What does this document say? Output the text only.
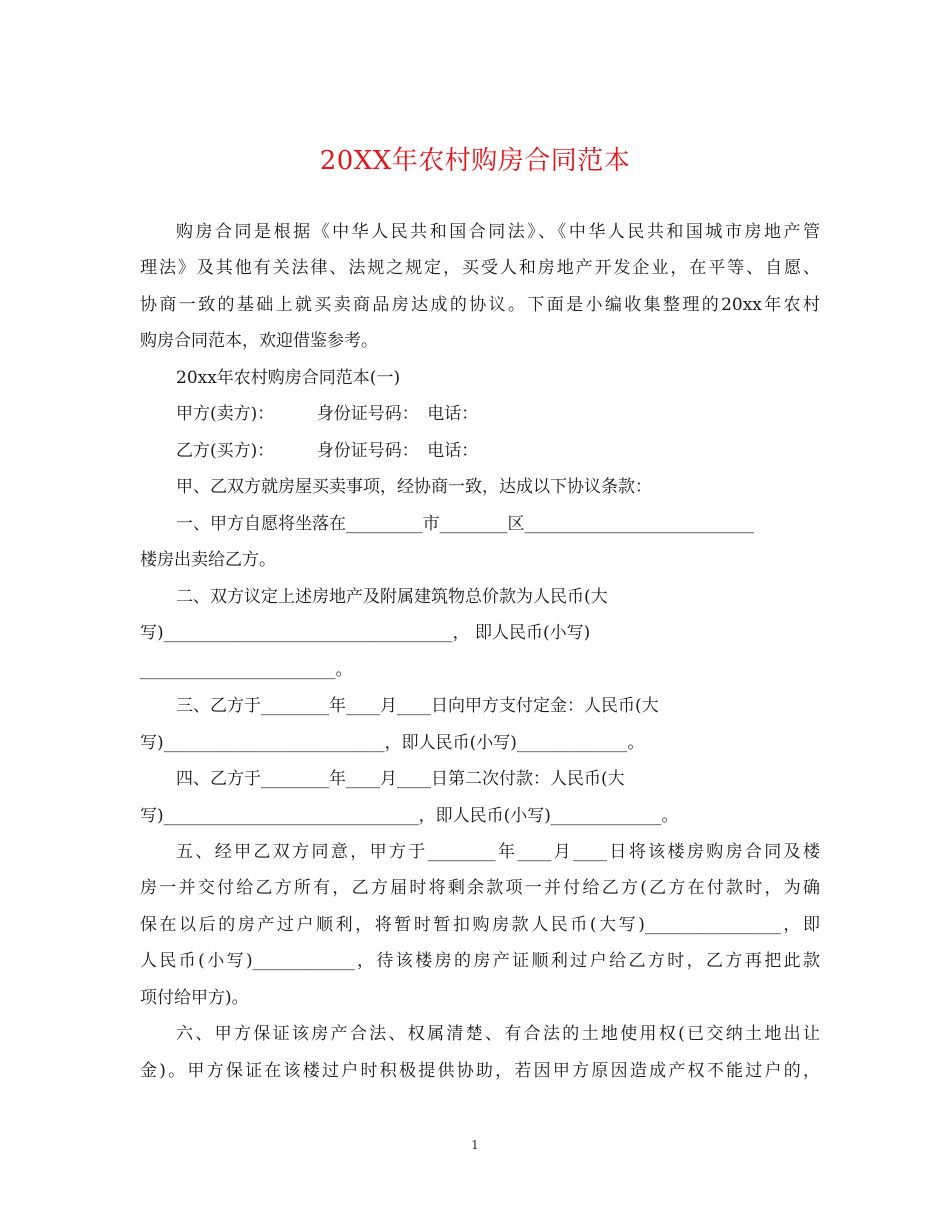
20XX年农村购房合同范本
购房合同是根据《中华人民共和国合同法》、《中华人民共和国城市房地产管
理法》及其他有关法律、法规之规定，买受人和房地产开发企业，在平等、自愿、
协商一致的基础上就买卖商品房达成的协议。下面是小编收集整理的20xx年农村
购房合同范本，欢迎借鉴参考。
20xx年农村购房合同范本(一)
甲方(卖方)：　　　身份证号码：　电话：
乙方(买方)：　　　身份证号码：　电话：
甲、乙双方就房屋买卖事项，经协商一致，达成以下协议条款：
一、甲方自愿将坐落在_________市________区___________________________
楼房出卖给乙方。
二、双方议定上述房地产及附属建筑物总价款为人民币(大
写)__________________________________， 即人民币(小写)
_______________________。
三、乙方于________年____月____日向甲方支付定金：人民币(大
写)__________________________，即人民币(小写)_____________。
四、乙方于________年____月____日第二次付款：人民币(大
写)______________________________，即人民币(小写)_____________。
五、经甲乙双方同意，甲方于________年____月____日将该楼房购房合同及楼
房一并交付给乙方所有，乙方届时将剩余款项一并付给乙方(乙方在付款时，为确
保在以后的房产过户顺利，将暂时暂扣购房款人民币(大写)________________，即
人民币(小写)____________，待该楼房的房产证顺利过户给乙方时，乙方再把此款
项付给甲方)。
六、甲方保证该房产合法、权属清楚、有合法的土地使用权(已交纳土地出让
金)。甲方保证在该楼过户时积极提供协助，若因甲方原因造成产权不能过户的，
1
